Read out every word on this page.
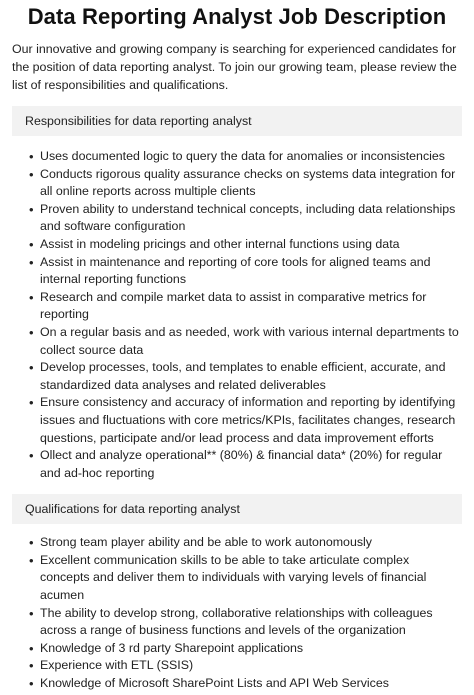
Data Reporting Analyst Job Description

Our innovative and growing company is searching for experienced candidates for the position of data reporting analyst. To join our growing team, please review the list of responsibilities and qualifications.

Responsibilities for data reporting analyst
• Uses documented logic to query the data for anomalies or inconsistencies
• Conducts rigorous quality assurance checks on systems data integration for all online reports across multiple clients
• Proven ability to understand technical concepts, including data relationships and software configuration
• Assist in modeling pricings and other internal functions using data
• Assist in maintenance and reporting of core tools for aligned teams and internal reporting functions
• Research and compile market data to assist in comparative metrics for reporting
• On a regular basis and as needed, work with various internal departments to collect source data
• Develop processes, tools, and templates to enable efficient, accurate, and standardized data analyses and related deliverables
• Ensure consistency and accuracy of information and reporting by identifying issues and fluctuations with core metrics/KPIs, facilitates changes, research questions, participate and/or lead process and data improvement efforts
• Ollect and analyze operational** (80%) & financial data* (20%) for regular and ad-hoc reporting
Qualifications for data reporting analyst
• Strong team player ability and be able to work autonomously
• Excellent communication skills to be able to take articulate complex concepts and deliver them to individuals with varying levels of financial acumen
• The ability to develop strong, collaborative relationships with colleagues across a range of business functions and levels of the organization
• Knowledge of 3 rd party Sharepoint applications
• Experience with ETL (SSIS)
• Knowledge of Microsoft SharePoint Lists and API Web Services
